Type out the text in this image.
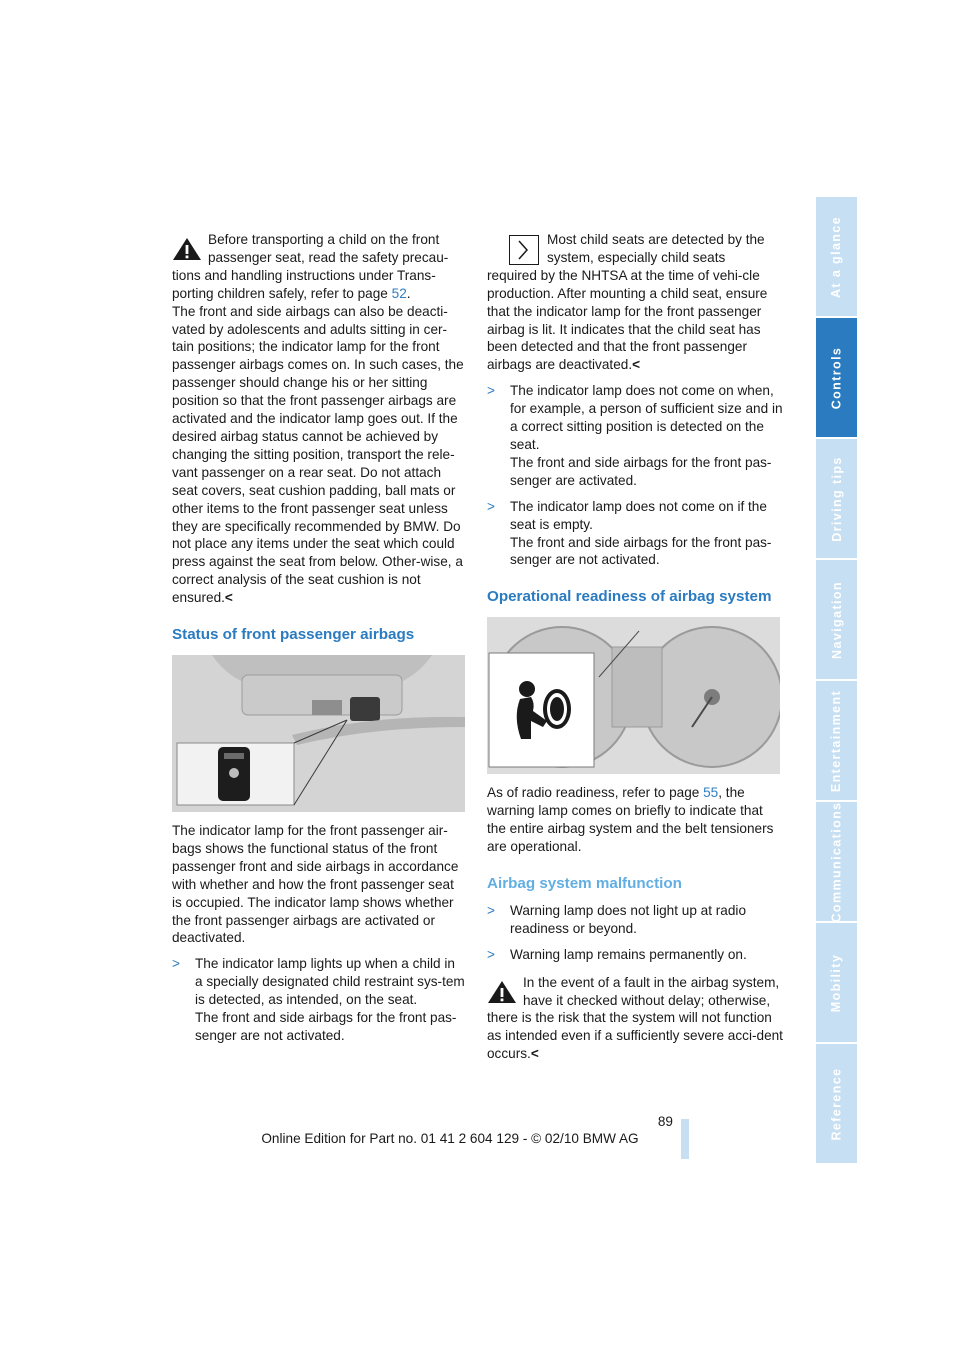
Before transporting a child on the front passenger seat, read the safety precau-

tions and handling instructions under Trans-porting children safely, refer to page 52.

The front and side airbags can also be deacti-vated by adolescents and adults sitting in cer-tain positions; the indicator lamp for the front passenger airbags comes on. In such cases, the passenger should change his or her sitting position so that the front passenger airbags are activated and the indicator lamp goes out. If the desired airbag status cannot be achieved by changing the sitting position, transport the rele-vant passenger on a rear seat. Do not attach seat covers, seat cushion padding, ball mats or other items to the front passenger seat unless they are specifically recommended by BMW. Do not place any items under the seat which could press against the seat from below. Other-wise, a correct analysis of the seat cushion is not ensured.<

Status of front passenger airbags

The indicator lamp for the front passenger air-bags shows the functional status of the front passenger front and side airbags in accordance with whether and how the front passenger seat is occupied. The indicator lamp shows whether the front passenger airbags are activated or deactivated.

> The indicator lamp lights up when a child in a specially designated child restraint sys-tem is detected, as intended, on the seat.

The front and side airbags for the front pas-senger are not activated.

Most child seats are detected by the system, especially child seats

required by the NHTSA at the time of vehi-cle production. After mounting a child seat, ensure that the indicator lamp for the front passenger airbag is lit. It indicates that the child seat has been detected and that the front passenger airbags are deactivated.<

> The indicator lamp does not come on when, for example, a person of sufficient size and in a correct sitting position is detected on the seat.

The front and side airbags for the front pas-senger are activated.

> The indicator lamp does not come on if the seat is empty.

The front and side airbags for the front pas-senger are not activated.

Operational readiness of airbag system

As of radio readiness, refer to page 55, the warning lamp comes on briefly to indicate that the entire airbag system and the belt tensioners are operational.

Airbag system malfunction
> Warning lamp does not light up at radio readiness or beyond.

> Warning lamp remains permanently on.

In the event of a fault in the airbag system, have it checked without delay; otherwise,

there is the risk that the system will not function as intended even if a sufficiently severe acci-dent occurs.<

At a glance
Controls
Driving tips
Navigation
Entertainment
Communications
Mobility
Reference
89
Online Edition for Part no. 01 41 2 604 129 - © 02/10 BMW AG
